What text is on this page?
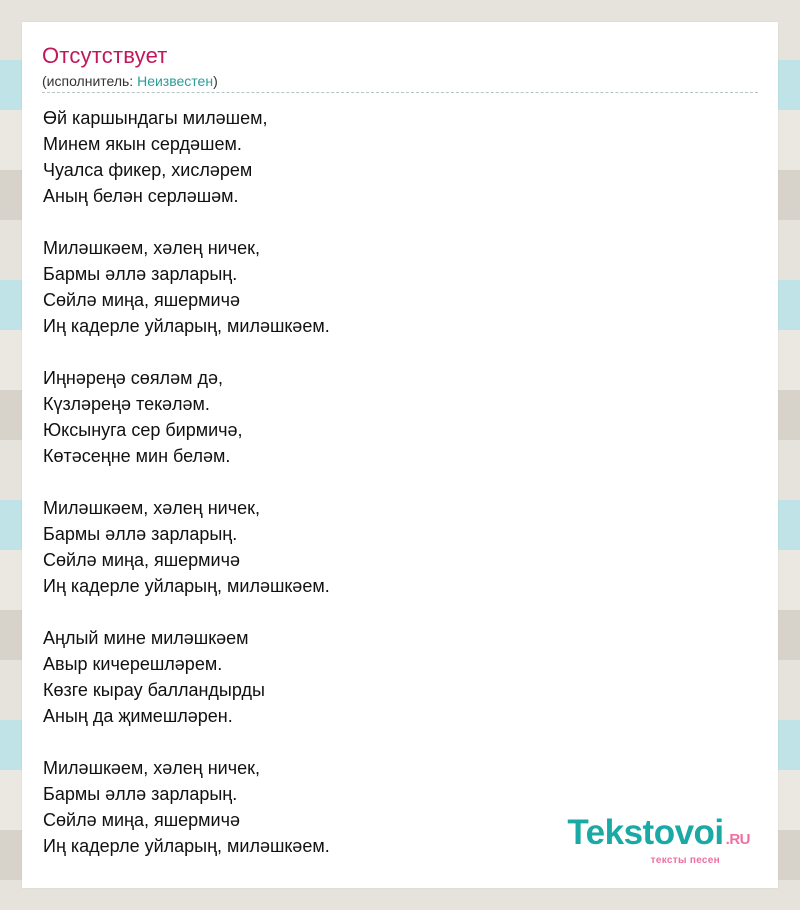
Отсутствует
(исполнитель: Неизвестен)
Өй каршындагы миләшем,
Минем якын сердәшем.
Чуалса фикер, хисләрем
Аның белән серләшәм.
Миләшкәем, хәлең ничек,
Бармы әллә зарларың.
Сөйлә миңа, яшермичә
Иң кадерле уйларың, миләшкәем.
Иңнәреңә сөяләм дә,
Күзләреңә текәләм.
Юксынуга сер бирмичә,
Көтәсеңне мин беләм.
Миләшкәем, хәлең ничек,
Бармы әллә зарларың.
Сөйлә миңа, яшермичә
Иң кадерле уйларың, миләшкәем.
Аңлый мине миләшкәем
Авыр кичерешләрем.
Көзге кырау балландырды
Аның да җимешләрен.
Миләшкәем, хәлең ничек,
Бармы әллә зарларың.
Сөйлә миңа, яшермичә
Иң кадерле уйларың, миләшкәем.	Tekstovoi .RU
тексты песен
